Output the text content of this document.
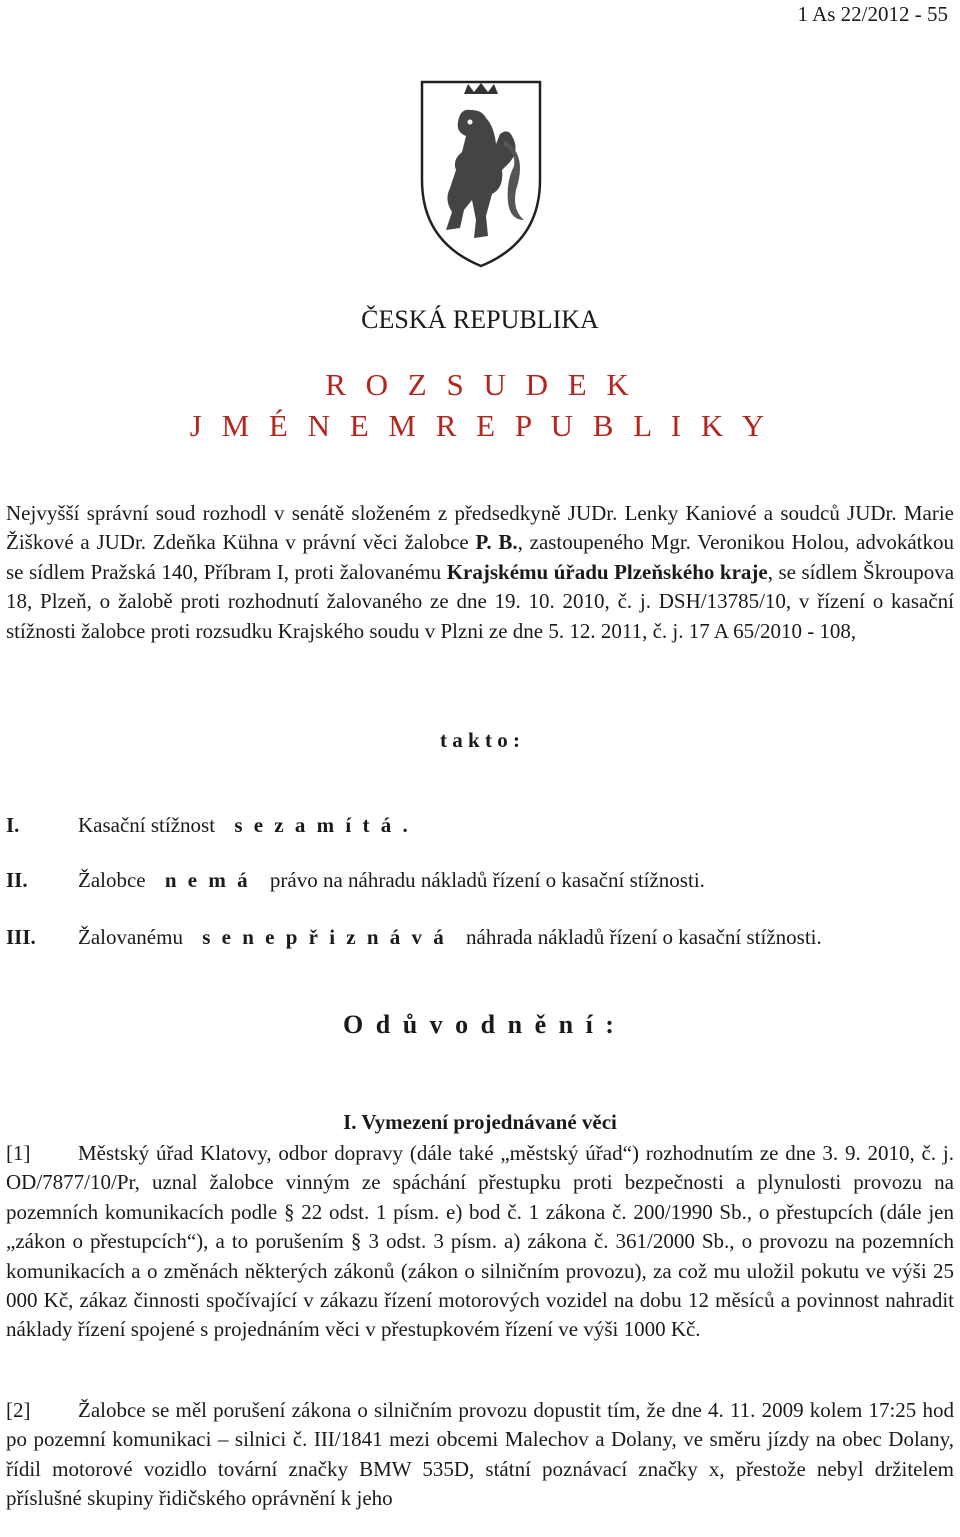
1 As 22/2012 - 55
ČESKÁ REPUBLIKA
R O Z S U D E K
J M É N E M R E P U B L I K Y
Nejvyšší správní soud rozhodl v senátě složeném z předsedkyně JUDr. Lenky Kaniové a soudců JUDr. Marie Žiškové a JUDr. Zdeňka Kühna v právní věci žalobce P. B., zastoupeného Mgr. Veronikou Holou, advokátkou se sídlem Pražská 140, Příbram I, proti žalovanému Krajskému úřadu Plzeňského kraje, se sídlem Škroupova 18, Plzeň, o žalobě proti rozhodnutí žalovaného ze dne 19. 10. 2010, č. j. DSH/13785/10, v řízení o kasační stížnosti žalobce proti rozsudku Krajského soudu v Plzni ze dne 5. 12. 2011, č. j. 17 A 65/2010 - 108,
t a k t o :
I.	Kasační stížnost s e z a m í t á .
II. Žalobce n e m á právo na náhradu nákladů řízení o kasační stížnosti.
III. Žalovanému s e n e p ř i z n á v á náhrada nákladů řízení o kasační stížnosti.
O d ů v o d n ě n í :
I. Vymezení projednávané věci
[1] Městský úřad Klatovy, odbor dopravy (dále také „městský úřad“) rozhodnutím ze dne 3. 9. 2010, č. j. OD/7877/10/Pr, uznal žalobce vinným ze spáchání přestupku proti bezpečnosti a plynulosti provozu na pozemních komunikacích podle § 22 odst. 1 písm. e) bod č. 1 zákona č. 200/1990 Sb., o přestupcích (dále jen „zákon o přestupcích“), a to porušením § 3 odst. 3 písm. a) zákona č. 361/2000 Sb., o provozu na pozemních komunikacích a o změnách některých zákonů (zákon o silničním provozu), za což mu uložil pokutu ve výši 25 000 Kč, zákaz činnosti spočívající v zákazu řízení motorových vozidel na dobu 12 měsíců a povinnost nahradit náklady řízení spojené s projednáním věci v přestupkovém řízení ve výši 1000 Kč.
[2] Žalobce se měl porušení zákona o silničním provozu dopustit tím, že dne 4. 11. 2009 kolem 17:25 hod po pozemní komunikaci – silnici č. III/1841 mezi obcemi Malechov a Dolany, ve směru jízdy na obec Dolany, řídil motorové vozidlo tovární značky BMW 535D, státní poznávací značky x, přestože nebyl držitelem příslušné skupiny řidičského oprávnění k jeho
